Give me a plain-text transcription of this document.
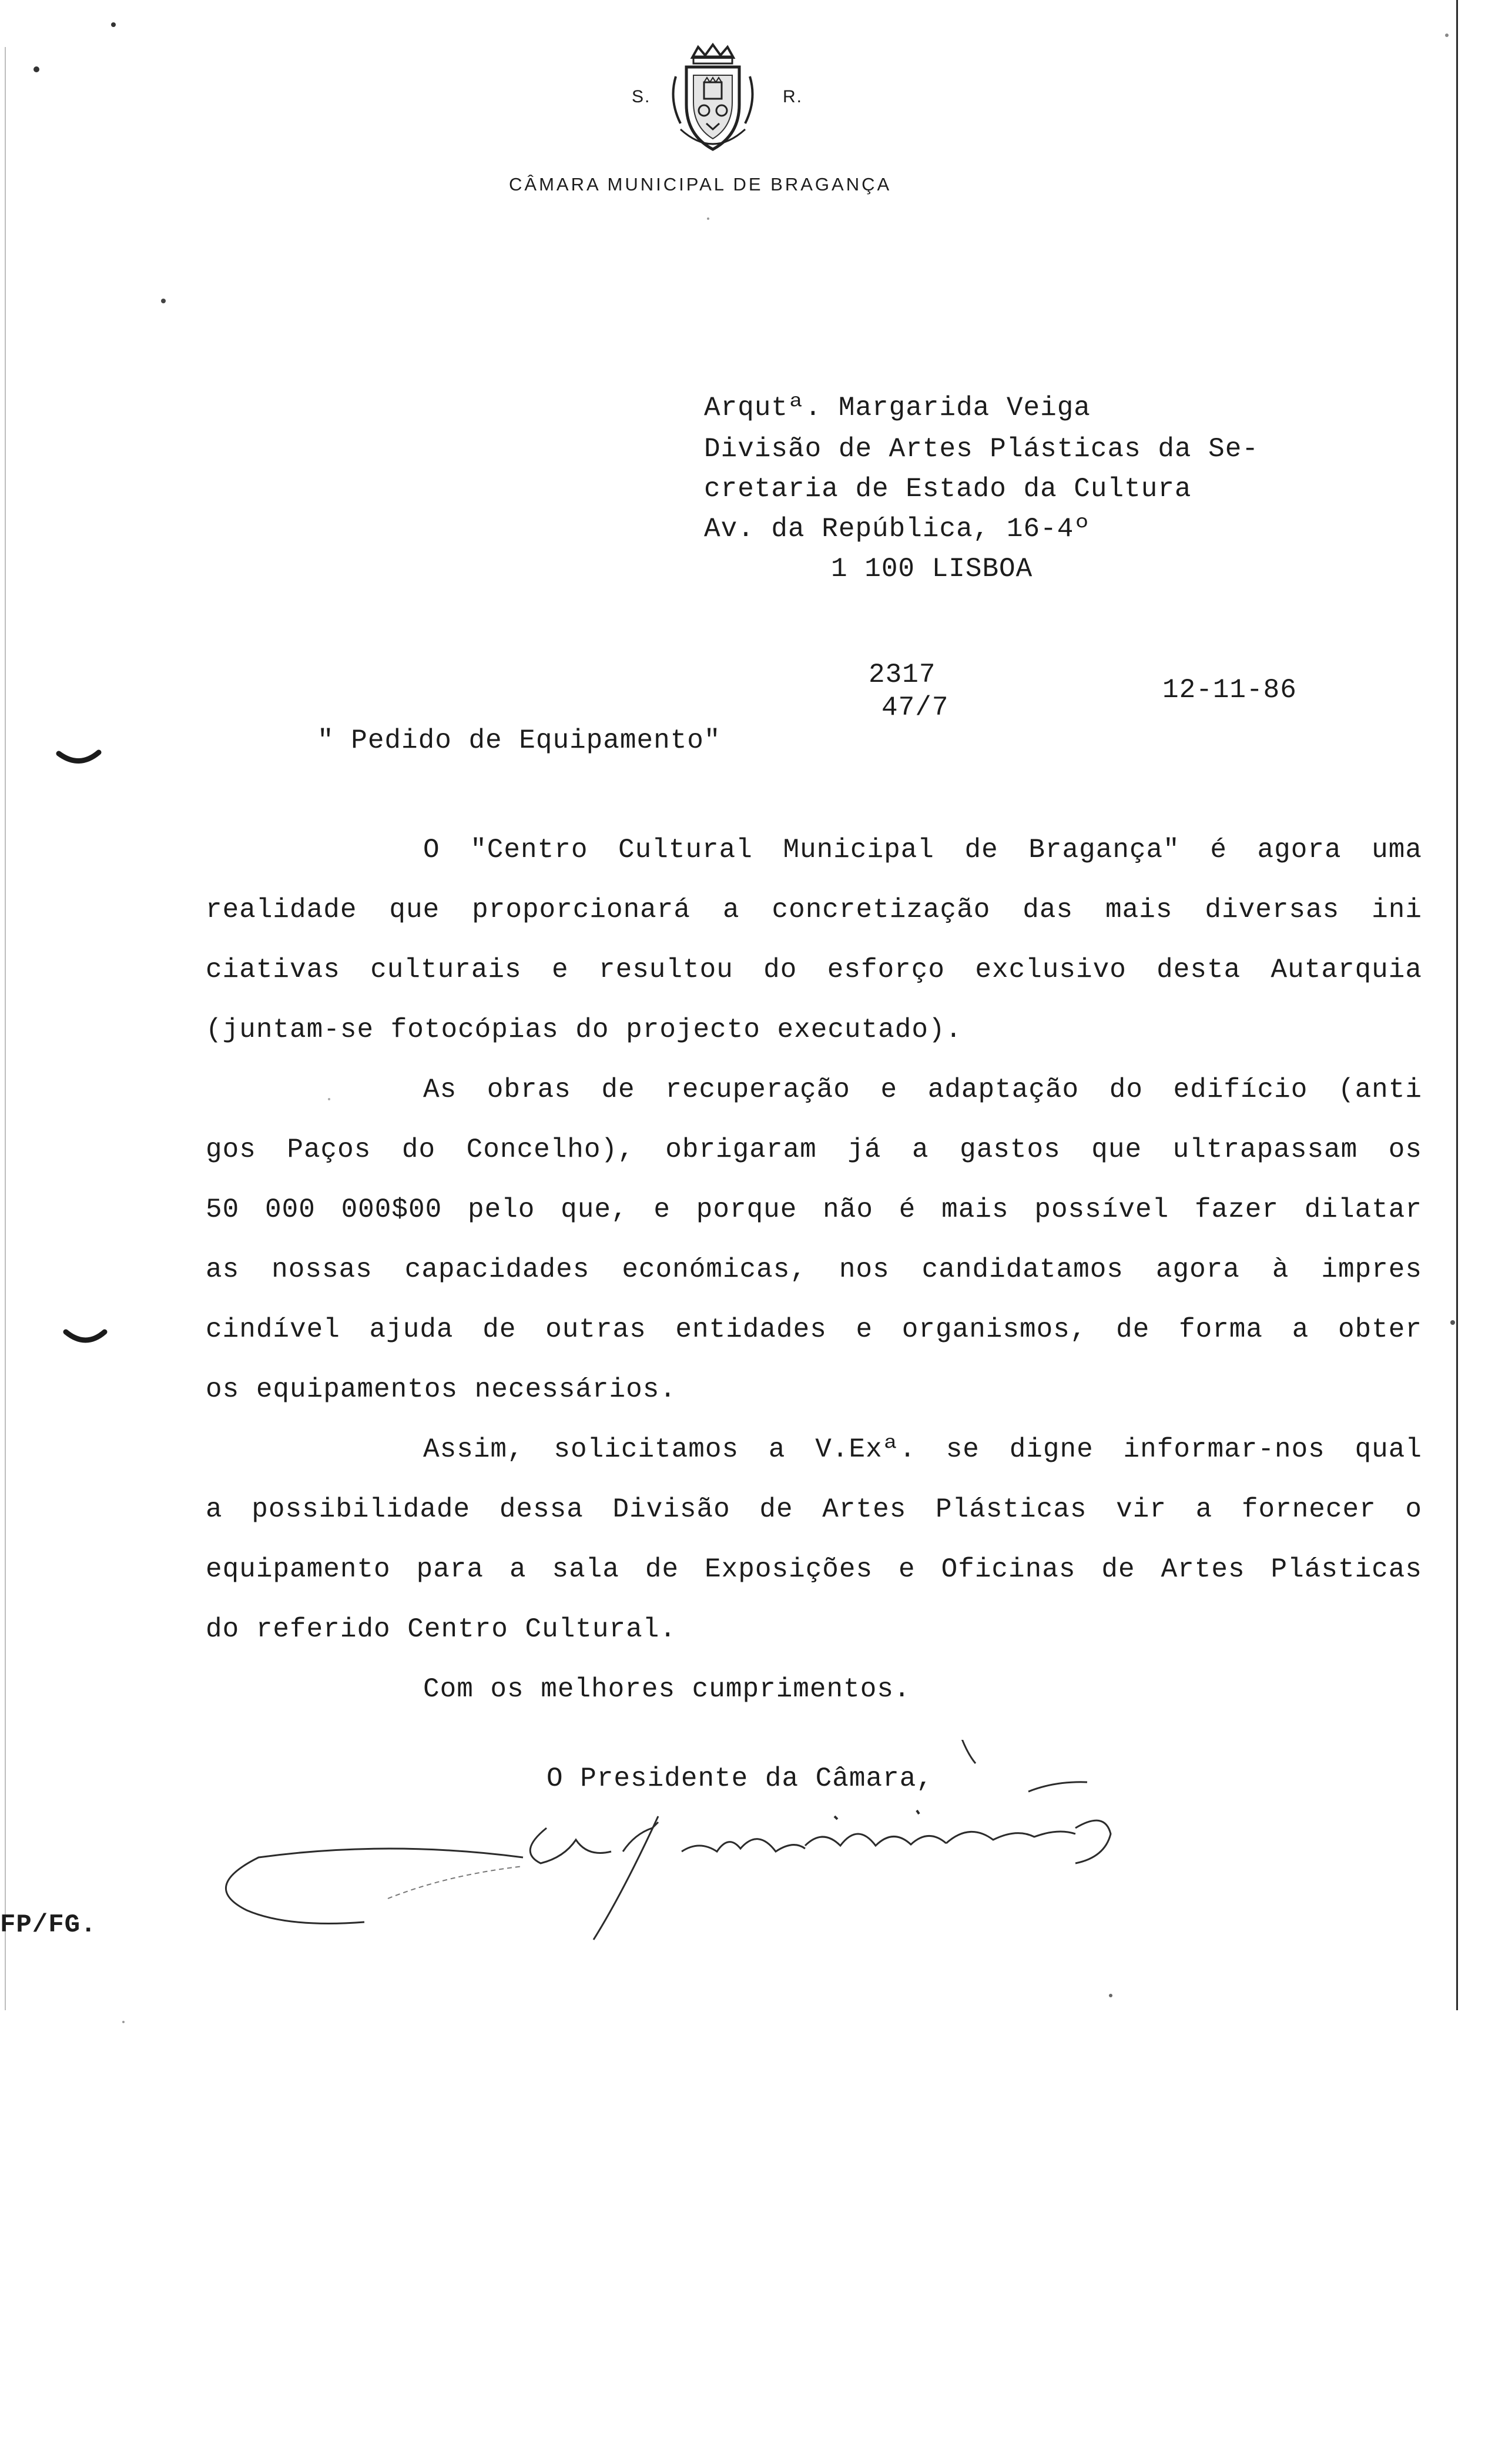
S.	R.
CÂMARA MUNICIPAL DE BRAGANÇA
Arqutª. Margarida Veiga
Divisão de Artes Plásticas da Se-
cretaria de Estado da Cultura
Av. da República, 16-4º
1 100 LISBOA
2317
47/7
12-11-86
" Pedido de Equipamento"
O "Centro Cultural Municipal de Bragança" é agora uma
realidade que proporcionará a concretização das mais diversas ini
ciativas culturais e resultou do esforço exclusivo desta Autarquia
(juntam-se fotocópias do projecto executado).
As obras de recuperação e adaptação do edifício (anti
gos Paços do Concelho), obrigaram já a gastos que ultrapassam os
50 000 000$00 pelo que, e porque não é mais possível fazer dilatar
as nossas capacidades económicas, nos candidatamos agora à impres
cindível ajuda de outras entidades e organismos, de forma a obter
os equipamentos necessários.
Assim, solicitamos a V.Exª. se digne informar-nos qual
a possibilidade dessa Divisão de Artes Plásticas vir a fornecer o
equipamento para a sala de Exposições e Oficinas de Artes Plásticas
do referido Centro Cultural.
Com os melhores cumprimentos.
O Presidente da Câmara,
FP/FG.
